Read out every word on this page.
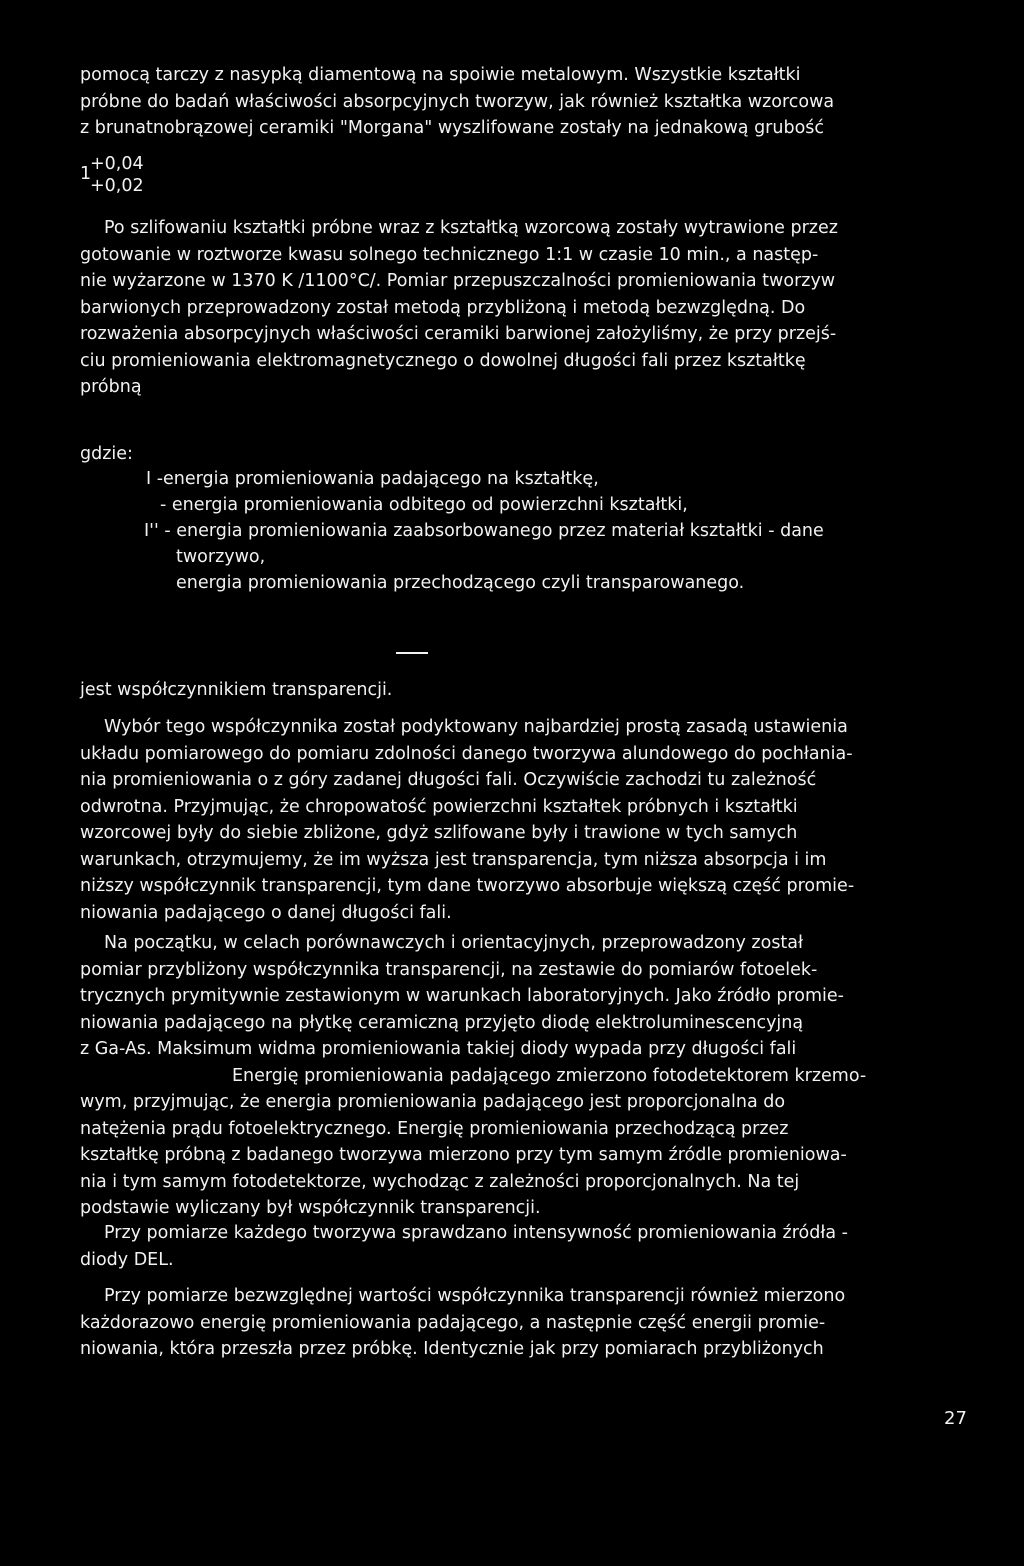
pomocą tarczy z nasypką diamentową na spoiwie metalowym. Wszystkie kształtki
próbne do badań właściwości absorpcyjnych tworzyw, jak również kształtka wzorcowa
z brunatnobrązowej ceramiki "Morgana" wyszlifowane zostały na jednakową grubość
1
+0,04
+0,02
Po szlifowaniu kształtki próbne wraz z kształtką wzorcową zostały wytrawione przez
gotowanie w roztworze kwasu solnego technicznego 1:1 w czasie 10 min., a następ-
nie wyżarzone w 1370 K /1100°C/. Pomiar przepuszczalności promieniowania tworzyw
barwionych przeprowadzony został metodą przybliżoną i metodą bezwzględną. Do
rozważenia absorpcyjnych właściwości ceramiki barwionej założyliśmy, że przy przejś-
ciu promieniowania elektromagnetycznego o dowolnej długości fali przez kształtkę
próbną
gdzie:
I -energia promieniowania padającego na kształtkę,
- energia promieniowania odbitego od powierzchni kształtki,
I'' - energia promieniowania zaabsorbowanego przez materiał kształtki - dane
tworzywo,
energia promieniowania przechodzącego czyli transparowanego.
jest współczynnikiem transparencji.
Wybór tego współczynnika został podyktowany najbardziej prostą zasadą ustawienia
układu pomiarowego do pomiaru zdolności danego tworzywa alundowego do pochłania-
nia promieniowania o z góry zadanej długości fali. Oczywiście zachodzi tu zależność
odwrotna. Przyjmując, że chropowatość powierzchni kształtek próbnych i kształtki
wzorcowej były do siebie zbliżone, gdyż szlifowane były i trawione w tych samych
warunkach, otrzymujemy, że im wyższa jest transparencja, tym niższa absorpcja i im
niższy współczynnik transparencji, tym dane tworzywo absorbuje większą część promie-
niowania padającego o danej długości fali.
Na początku, w celach porównawczych i orientacyjnych, przeprowadzony został
pomiar przybliżony współczynnika transparencji, na zestawie do pomiarów fotoelek-
trycznych prymitywnie zestawionym w warunkach laboratoryjnych. Jako źródło promie-
niowania padającego na płytkę ceramiczną przyjęto diodę elektroluminescencyjną
z Ga-As. Maksimum widma promieniowania takiej diody wypada przy długości fali
Energię promieniowania padającego zmierzono fotodetektorem krzemo-
wym, przyjmując, że energia promieniowania padającego jest proporcjonalna do
natężenia prądu fotoelektrycznego. Energię promieniowania przechodzącą przez
kształtkę próbną z badanego tworzywa mierzono przy tym samym źródle promieniowa-
nia i tym samym fotodetektorze, wychodząc z zależności proporcjonalnych. Na tej
podstawie wyliczany był współczynnik transparencji.
Przy pomiarze każdego tworzywa sprawdzano intensywność promieniowania źródła -
diody DEL.
Przy pomiarze bezwzględnej wartości współczynnika transparencji również mierzono
każdorazowo energię promieniowania padającego, a następnie część energii promie-
niowania, która przeszła przez próbkę. Identycznie jak przy pomiarach przybliżonych
27
